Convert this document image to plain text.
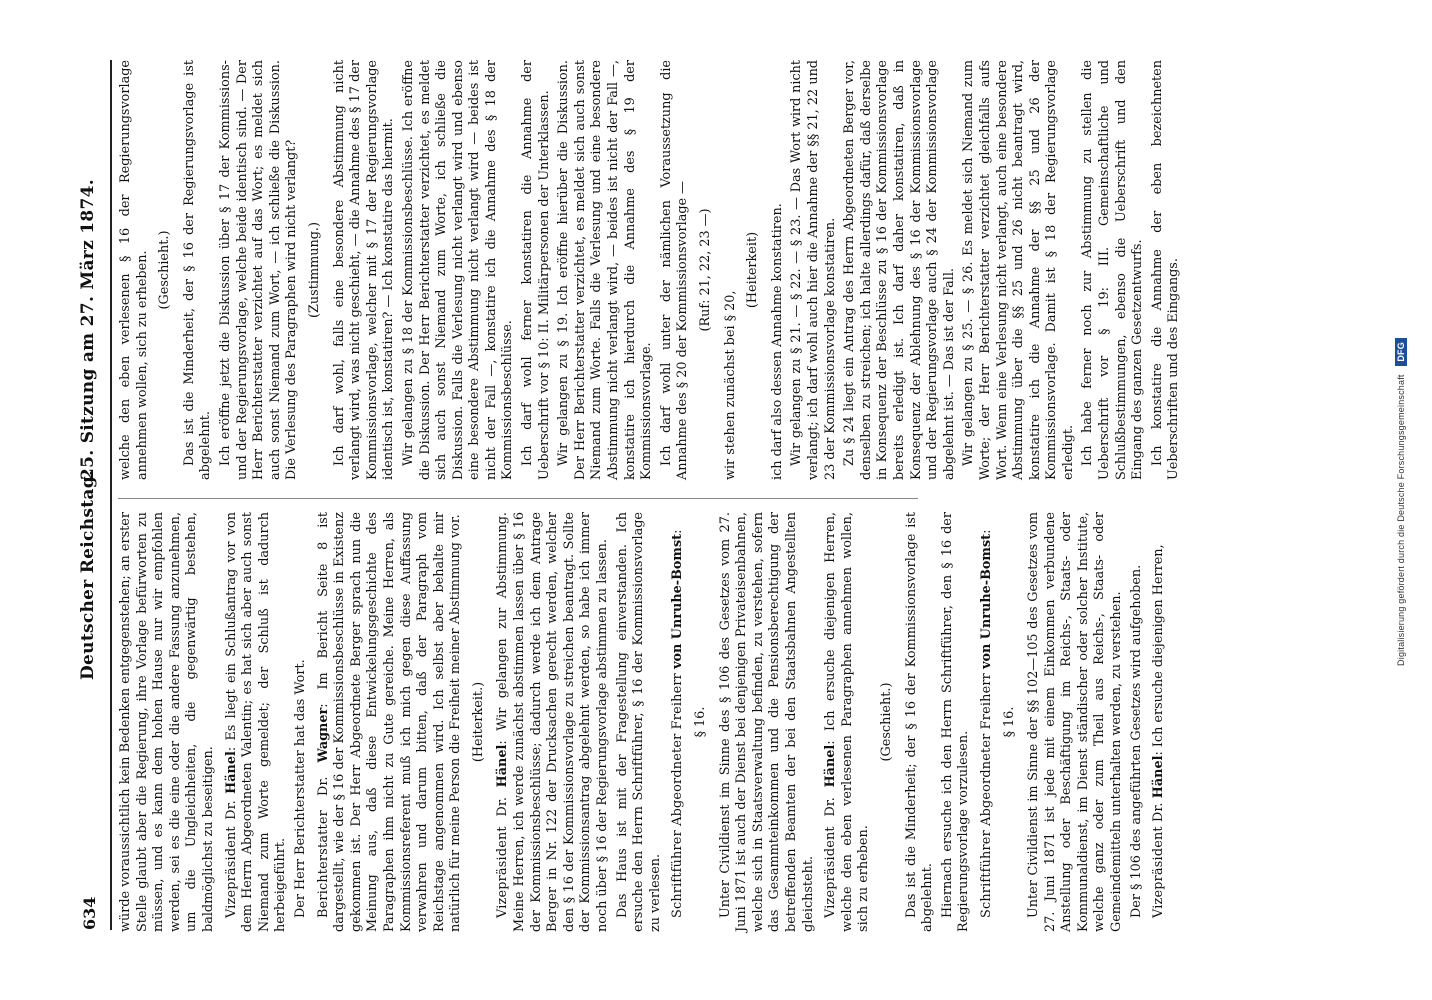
634
Deutscher Reichstag.
25. Sitzung am 27. März 1874.

würde voraussichtlich kein Bedenken entgegenstehen; an erster Stelle glaubt aber die Regierung, ihre Vorlage befürworten zu müssen, und es kann dem hohen Hause nur wir empfohlen werden, sei es die eine oder die andere Fassung anzunehmen, um die Ungleichheiten, die gegenwärtig bestehen, baldmöglichst zu beseitigen. Vizepräsident Dr. Hänel: Es liegt ein Schlußantrag vor von dem Herrn Abgeordneten Valentin; es hat sich aber auch sonst Niemand zum Worte gemeldet; der Schluß ist dadurch herbeigeführt. Der Herr Berichterstatter hat das Wort. Berichterstatter Dr. Wagner: Im Bericht Seite 8 ist dargestellt, wie der § 16 der Kommissionsbeschlüsse in Existenz gekommen ist. Der Herr Abgeordnete Berger sprach nun die Meinung aus, daß diese Entwickelungsgeschichte des Paragraphen ihm nicht zu Gute gereiche. Meine Herren, als Kommissionsreferent muß ich mich gegen diese Auffassung verwahren und darum bitten, daß der Paragraph vom Reichstage angenommen wird. Ich selbst aber behalte mir natürlich für meine Person die Freiheit meiner Abstimmung vor. (Heiterkeit.)

Vizepräsident Dr. Hänel: Wir gelangen zur Abstimmung. Meine Herren, ich werde zunächst abstimmen lassen über § 16 der Kommissionsbeschlüsse; dadurch werde ich dem Antrage Berger in Nr. 122 der Drucksachen gerecht werden, welcher den § 16 der Kommissionsvorlage zu streichen beantragt. Sollte der Kommissionsantrag abgelehnt werden, so habe ich immer noch über § 16 der Regierungsvorlage abstimmen zu lassen. Das Haus ist mit der Fragestellung einverstanden. Ich ersuche den Herrn Schriftführer, § 16 der Kommissionsvorlage zu verlesen. Schriftführer Abgeordneter Freiherr von Unruhe-Bomst:

§ 16. Unter Civildienst im Sinne des § 106 des Gesetzes vom 27. Juni 1871 ist auch der Dienst bei denjenigen Privateisenbahnen, welche sich in Staatsverwaltung befinden, zu verstehen, sofern das Gesammteinkommen und die Pensionsberechtigung der betreffenden Beamten der bei den Staatsbahnen Angestellten gleichsteht. Vizepräsident Dr. Hänel: Ich ersuche diejenigen Herren, welche den eben verlesenen Paragraphen annehmen wollen, sich zu erheben.

(Geschieht.) Das ist die Minderheit; der § 16 der Kommissionsvorlage ist abgelehnt. Hiernach ersuche ich den Herrn Schriftführer, den § 16 der Regierungsvorlage vorzulesen. Schriftführer Abgeordneter Freiherr von Unruhe-Bomst:

§ 16. Unter Civildienst im Sinne der §§ 102—105 des Gesetzes vom 27. Juni 1871 ist jede mit einem Einkommen verbundene Anstellung oder Beschäftigung im Reichs-, Staats- oder Kommunaldienst, im Dienst ständischer oder solcher Institute, welche ganz oder zum Theil aus Reichs-, Staats- oder Gemeindemitteln unterhalten werden, zu verstehen. Der § 106 des angeführten Gesetzes wird aufgehoben. Vizepräsident Dr. Hänel: Ich ersuche diejenigen Herren,

welche den eben verlesenen § 16 der Regierungsvorlage annehmen wollen, sich zu erheben. (Geschieht.) Das ist die Minderheit, der § 16 der Regierungsvorlage ist abgelehnt. Ich eröffne jetzt die Diskussion über § 17 der Kommissions- und der Regierungsvorlage, welche beide identisch sind. — Der Herr Berichterstatter verzichtet auf das Wort; es meldet sich auch sonst Niemand zum Wort, — ich schließe die Diskussion. Die Verlesung des Paragraphen wird nicht verlangt? (Zustimmung.) Ich darf wohl, falls eine besondere Abstimmung nicht verlangt wird, was nicht geschieht, — die Annahme des § 17 der Kommissionsvorlage, welcher mit § 17 der Regierungsvorlage identisch ist, konstatiren? — Ich konstatire das hiermit. Wir gelangen zu § 18 der Kommissionsbeschlüsse. Ich eröffne die Diskussion. Der Herr Berichterstatter verzichtet, es meldet sich auch sonst Niemand zum Worte, ich schließe die Diskussion. Falls die Verlesung nicht verlangt wird und ebenso eine besondere Abstimmung nicht verlangt wird — beides ist nicht der Fall —, konstatire ich die Annahme des § 18 der Kommissionsbeschlüsse. Ich darf wohl ferner konstatiren die Annahme der Ueberschrift vor § 10: II. Militärpersonen der Unterklassen. Wir gelangen zu § 19. Ich eröffne hierüber die Diskussion. Der Herr Berichterstatter verzichtet, es meldet sich auch sonst Niemand zum Worte. Falls die Verlesung und eine besondere Abstimmung nicht verlangt wird, — beides ist nicht der Fall —, konstatire ich hierdurch die Annahme des § 19 der Kommissionsvorlage. Ich darf wohl unter der nämlichen Voraussetzung die Annahme des § 20 der Kommissionsvorlage — (Ruf: 21, 22, 23 —)

wir stehen zunächst bei § 20,

(Heiterkeit) ich darf also dessen Annahme konstatiren. Wir gelangen zu § 21. — § 22. — § 23. — Das Wort wird nicht verlangt; ich darf wohl auch hier die Annahme der §§ 21, 22 und 23 der Kommissionsvorlage konstatiren. Zu § 24 liegt ein Antrag des Herrn Abgeordneten Berger vor, denselben zu streichen; ich halte allerdings dafür, daß derselbe in Konsequenz der Beschlüsse zu § 16 der Kommissionsvorlage bereits erledigt ist. Ich darf daher konstatiren, daß in Konsequenz der Ablehnung des § 16 der Kommissionsvorlage und der Regierungsvorlage auch § 24 der Kommissionsvorlage abgelehnt ist. — Das ist der Fall. Wir gelangen zu § 25. — § 26. Es meldet sich Niemand zum Worte; der Herr Berichterstatter verzichtet gleichfalls aufs Wort. Wenn eine Verlesung nicht verlangt, auch eine besondere Abstimmung über die §§ 25 und 26 nicht beantragt wird, konstatire ich die Annahme der §§ 25 und 26 der Kommissionsvorlage. Damit ist § 18 der Regierungsvorlage erledigt. Ich habe ferner noch zur Abstimmung zu stellen die Ueberschrift vor § 19: III. Gemeinschaftliche und Schlußbestimmungen, ebenso die Ueberschrift und den Eingang des ganzen Gesetzentwurfs. Ich konstatire die Annahme der eben bezeichneten Ueberschriften und des Eingangs.

Digitalisierung gefördert durch die Deutsche Forschungsgemeinschaft DFG
